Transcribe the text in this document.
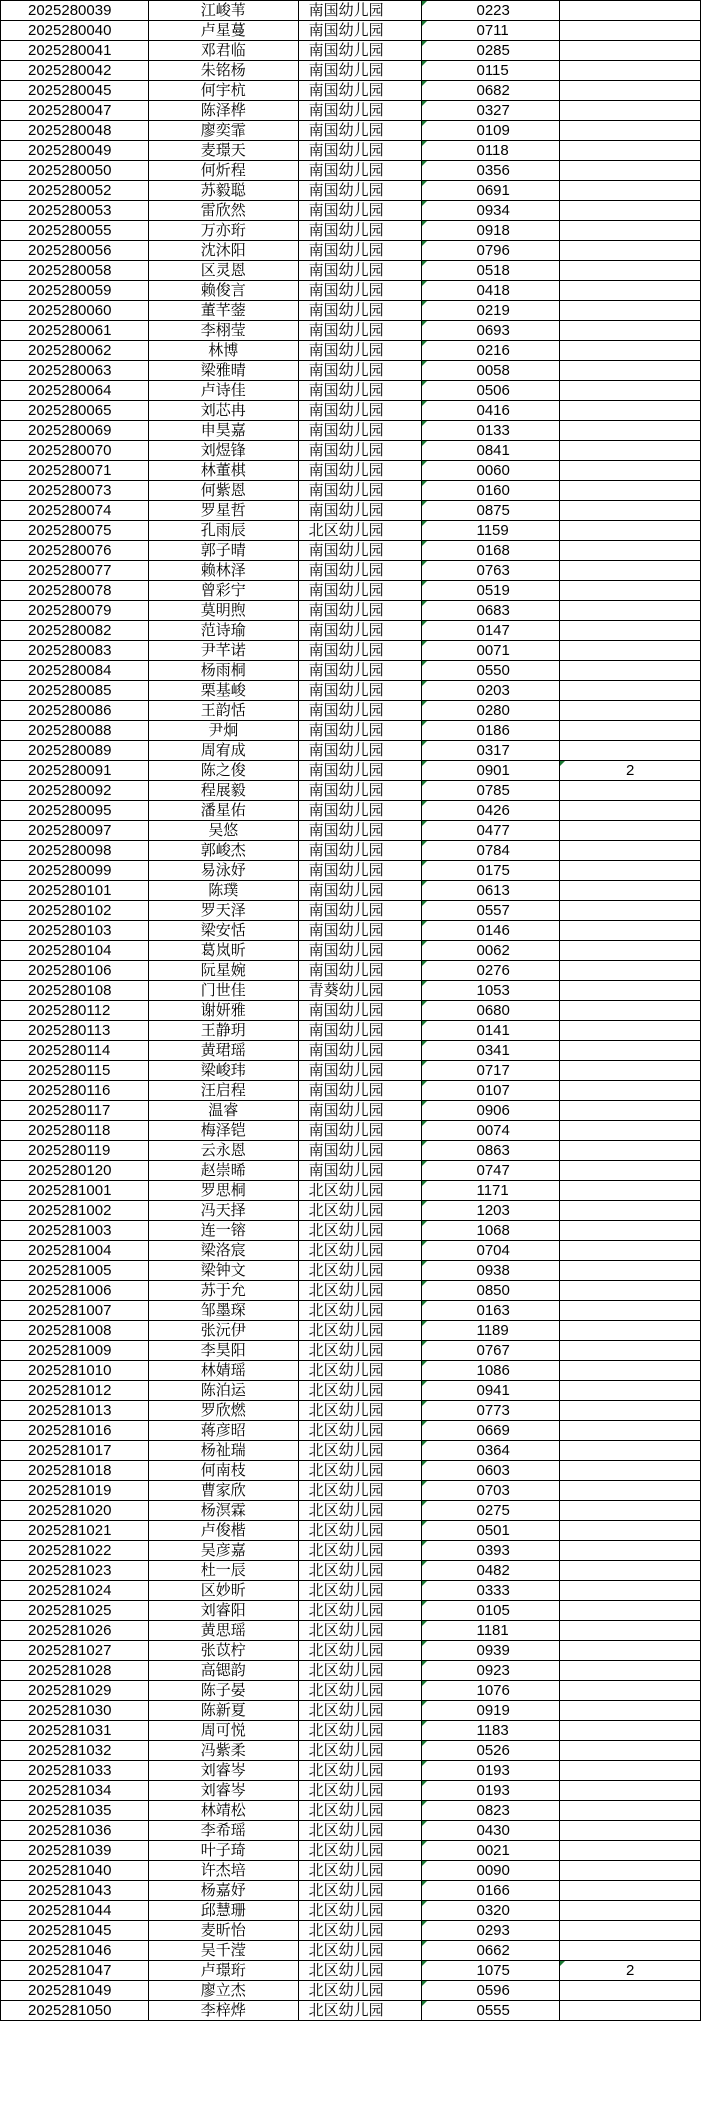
2025280039	江峻苇	南国幼儿园	0223	
2025280040	卢星蔓	南国幼儿园	0711	
2025280041	邓君临	南国幼儿园	0285	
2025280042	朱铭杨	南国幼儿园	0115	
2025280045	何宇杭	南国幼儿园	0682	
2025280047	陈泽桦	南国幼儿园	0327	
2025280048	廖奕霏	南国幼儿园	0109	
2025280049	麦璟天	南国幼儿园	0118	
2025280050	何炘程	南国幼儿园	0356	
2025280052	苏毅聪	南国幼儿园	0691	
2025280053	雷欣然	南国幼儿园	0934	
2025280055	万亦珩	南国幼儿园	0918	
2025280056	沈沐阳	南国幼儿园	0796	
2025280058	区灵恩	南国幼儿园	0518	
2025280059	赖俊言	南国幼儿园	0418	
2025280060	董芊蓥	南国幼儿园	0219	
2025280061	李栩莹	南国幼儿园	0693	
2025280062	林博	南国幼儿园	0216	
2025280063	梁雅晴	南国幼儿园	0058	
2025280064	卢诗佳	南国幼儿园	0506	
2025280065	刘芯冉	南国幼儿园	0416	
2025280069	申昊嘉	南国幼儿园	0133	
2025280070	刘煜锋	南国幼儿园	0841	
2025280071	林董棋	南国幼儿园	0060	
2025280073	何紫恩	南国幼儿园	0160	
2025280074	罗星哲	南国幼儿园	0875	
2025280075	孔雨辰	北区幼儿园	1159	
2025280076	郭子晴	南国幼儿园	0168	
2025280077	赖林泽	南国幼儿园	0763	
2025280078	曾彩宁	南国幼儿园	0519	
2025280079	莫明煦	南国幼儿园	0683	
2025280082	范诗瑜	南国幼儿园	0147	
2025280083	尹芊诺	南国幼儿园	0071	
2025280084	杨雨桐	南国幼儿园	0550	
2025280085	栗基峻	南国幼儿园	0203	
2025280086	王韵恬	南国幼儿园	0280	
2025280088	尹炯	南国幼儿园	0186	
2025280089	周宥成	南国幼儿园	0317	
2025280091	陈之俊	南国幼儿园	0901	2
2025280092	程展毅	南国幼儿园	0785	
2025280095	潘星佑	南国幼儿园	0426	
2025280097	吴悠	南国幼儿园	0477	
2025280098	郭峻杰	南国幼儿园	0784	
2025280099	易泳妤	南国幼儿园	0175	
2025280101	陈璞	南国幼儿园	0613	
2025280102	罗天泽	南国幼儿园	0557	
2025280103	梁安恬	南国幼儿园	0146	
2025280104	葛岚昕	南国幼儿园	0062	
2025280106	阮星婉	南国幼儿园	0276	
2025280108	门世佳	青葵幼儿园	1053	
2025280112	谢妍雅	南国幼儿园	0680	
2025280113	王静玥	南国幼儿园	0141	
2025280114	黄珺瑶	南国幼儿园	0341	
2025280115	梁峻玮	南国幼儿园	0717	
2025280116	汪启程	南国幼儿园	0107	
2025280117	温睿	南国幼儿园	0906	
2025280118	梅泽铠	南国幼儿园	0074	
2025280119	云永恩	南国幼儿园	0863	
2025280120	赵崇晞	南国幼儿园	0747	
2025281001	罗思桐	北区幼儿园	1171	
2025281002	冯天择	北区幼儿园	1203	
2025281003	连一镕	北区幼儿园	1068	
2025281004	梁洛宸	北区幼儿园	0704	
2025281005	梁钟文	北区幼儿园	0938	
2025281006	苏于允	北区幼儿园	0850	
2025281007	邹墨琛	北区幼儿园	0163	
2025281008	张沅伊	北区幼儿园	1189	
2025281009	李昊阳	北区幼儿园	0767	
2025281010	林婧瑶	北区幼儿园	1086	
2025281012	陈泊运	北区幼儿园	0941	
2025281013	罗欣燃	北区幼儿园	0773	
2025281016	蒋彦昭	北区幼儿园	0669	
2025281017	杨祉瑞	北区幼儿园	0364	
2025281018	何南枝	北区幼儿园	0603	
2025281019	曹家欣	北区幼儿园	0703	
2025281020	杨溟霖	北区幼儿园	0275	
2025281021	卢俊楷	北区幼儿园	0501	
2025281022	吴彦嘉	北区幼儿园	0393	
2025281023	杜一辰	北区幼儿园	0482	
2025281024	区妙昕	北区幼儿园	0333	
2025281025	刘睿阳	北区幼儿园	0105	
2025281026	黄思瑶	北区幼儿园	1181	
2025281027	张苡柠	北区幼儿园	0939	
2025281028	高锶韵	北区幼儿园	0923	
2025281029	陈子晏	北区幼儿园	1076	
2025281030	陈新夏	北区幼儿园	0919	
2025281031	周可悦	北区幼儿园	1183	
2025281032	冯紫柔	北区幼儿园	0526	
2025281033	刘睿岑	北区幼儿园	0193	
2025281034	刘睿岑	北区幼儿园	0193	
2025281035	林靖松	北区幼儿园	0823	
2025281036	李希瑶	北区幼儿园	0430	
2025281039	叶子琦	北区幼儿园	0021	
2025281040	许杰培	北区幼儿园	0090	
2025281043	杨嘉妤	北区幼儿园	0166	
2025281044	邱慧珊	北区幼儿园	0320	
2025281045	麦昕怡	北区幼儿园	0293	
2025281046	吴千滢	北区幼儿园	0662	
2025281047	卢璟珩	北区幼儿园	1075	2
2025281049	廖立杰	北区幼儿园	0596	
2025281050	李梓烨	北区幼儿园	0555	
